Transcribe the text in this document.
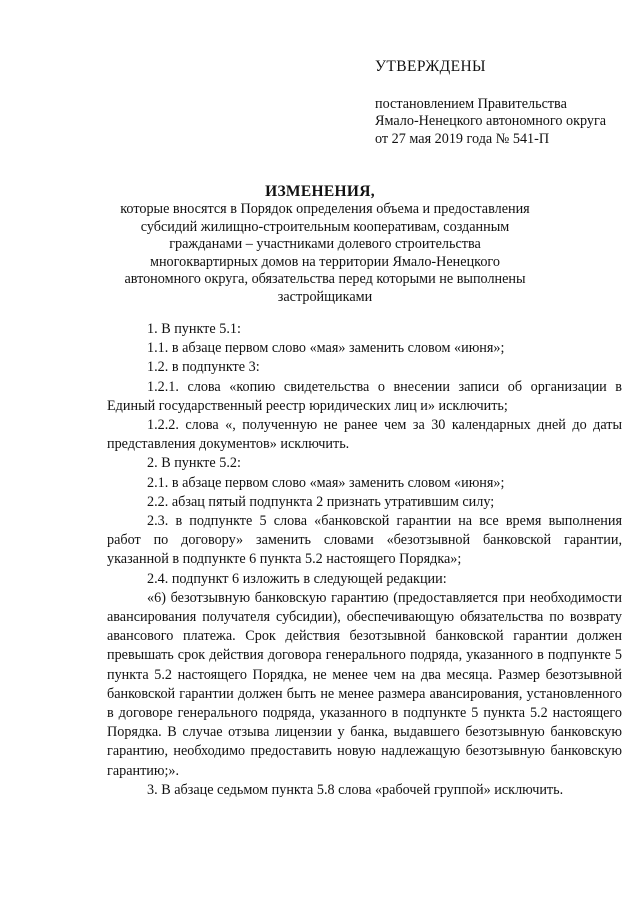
УТВЕРЖДЕНЫ
постановлением Правительства
Ямало-Ненецкого автономного округа
от 27 мая 2019 года № 541-П
ИЗМЕНЕНИЯ,
которые вносятся в Порядок определения объема и предоставления субсидий жилищно-строительным кооперативам, созданным гражданами – участниками долевого строительства многоквартирных домов на территории Ямало-Ненецкого автономного округа, обязательства перед которыми не выполнены застройщиками

1. В пункте 5.1:

1.1. в абзаце первом слово «мая» заменить словом «июня»;

1.2. в подпункте 3:

1.2.1. слова «копию свидетельства о внесении записи об организации в Единый государственный реестр юридических лиц и» исключить;

1.2.2. слова «, полученную не ранее чем за 30 календарных дней до даты представления документов» исключить.

2. В пункте 5.2:

2.1. в абзаце первом слово «мая» заменить словом «июня»;

2.2. абзац пятый подпункта 2 признать утратившим силу;

2.3. в подпункте 5 слова «банковской гарантии на все время выполнения работ по договору» заменить словами «безотзывной банковской гарантии, указанной в подпункте 6 пункта 5.2 настоящего Порядка»;

2.4. подпункт 6 изложить в следующей редакции:

«6) безотзывную банковскую гарантию (предоставляется при необходимости авансирования получателя субсидии), обеспечивающую обязательства по возврату авансового платежа. Срок действия безотзывной банковской гарантии должен превышать срок действия договора генерального подряда, указанного в подпункте 5 пункта 5.2 настоящего Порядка, не менее чем на два месяца. Размер безотзывной банковской гарантии должен быть не менее размера авансирования, установленного в договоре генерального подряда, указанного в подпункте 5 пункта 5.2 настоящего Порядка. В случае отзыва лицензии у банка, выдавшего безотзывную банковскую гарантию, необходимо предоставить новую надлежащую безотзывную банковскую гарантию;».

3. В абзаце седьмом пункта 5.8 слова «рабочей группой» исключить.
